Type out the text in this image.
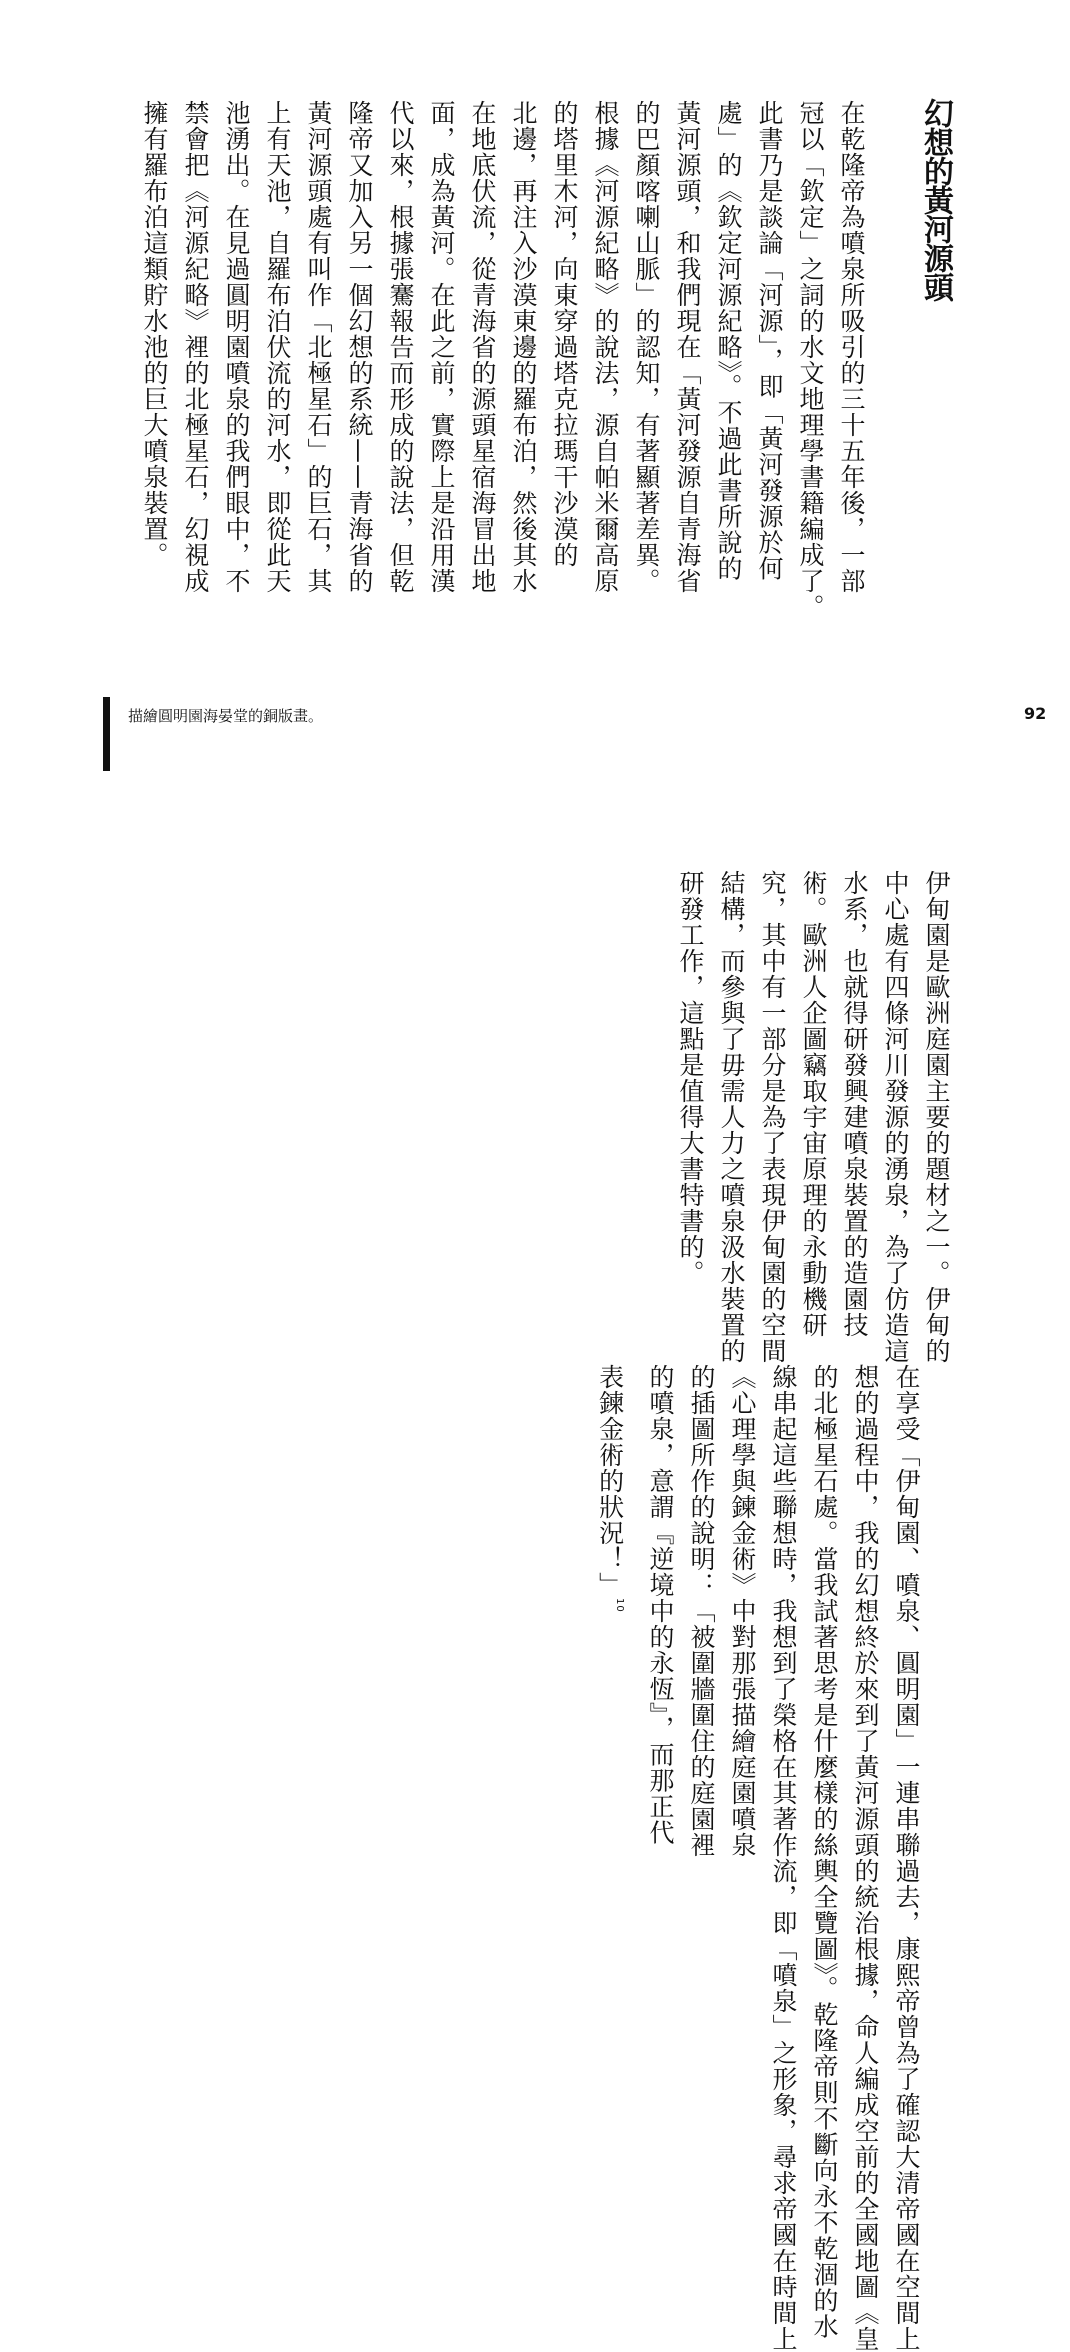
幻想的黃河源頭
在乾隆帝為噴泉所吸引的三十五年後，一部
冠以「欽定」之詞的水文地理學書籍編成了。
此書乃是談論「河源」，即「黃河發源於何
處」的《欽定河源紀略》。不過此書所說的
黃河源頭，和我們現在「黃河發源自青海省
的巴顏喀喇山脈」的認知，有著顯著差異。
根據《河源紀略》的說法，源自帕米爾高原
的塔里木河，向東穿過塔克拉瑪干沙漠的
北邊，再注入沙漠東邊的羅布泊，然後其水
在地底伏流，從青海省的源頭星宿海冒出地
面，成為黃河。在此之前，實際上是沿用漢
代以來，根據張騫報告而形成的說法，但乾
隆帝又加入另一個幻想的系統——青海省的
黃河源頭處有叫作「北極星石」的巨石，其
上有天池，自羅布泊伏流的河水，即從此天
池湧出。在見過圓明園噴泉的我們眼中，不
禁會把《河源紀略》裡的北極星石，幻視成
擁有羅布泊這類貯水池的巨大噴泉裝置。
描繪圓明園海晏堂的銅版畫。	92
伊甸園是歐洲庭園主要的題材之一。伊甸的
中心處有四條河川發源的湧泉，為了仿造這
水系，也就得研發興建噴泉裝置的造園技
術。歐洲人企圖竊取宇宙原理的永動機研
究，其中有一部分是為了表現伊甸園的空間
結構，而參與了毋需人力之噴泉汲水裝置的
研發工作，這點是值得大書特書的。
在享受「伊甸園、噴泉、圓明園」一連串聯
想的過程中，我的幻想終於來到了黃河源頭
的北極星石處。當我試著思考是什麼樣的絲
線串起這些聯想時，我想到了榮格在其著作
《心理學與鍊金術》中對那張描繪庭園噴泉
的插圖所作的說明：「被圍牆圍住的庭園裡
的噴泉，意謂『逆境中的永恆』，而那正代
表鍊金術的狀況！」$^{10}$
過去，康熙帝曾為了確認大清帝國在空間上
的統治根據，命人編成空前的全國地圖《皇
輿全覽圖》。乾隆帝則不斷向永不乾涸的水
流，即「噴泉」之形象，尋求帝國在時間上
